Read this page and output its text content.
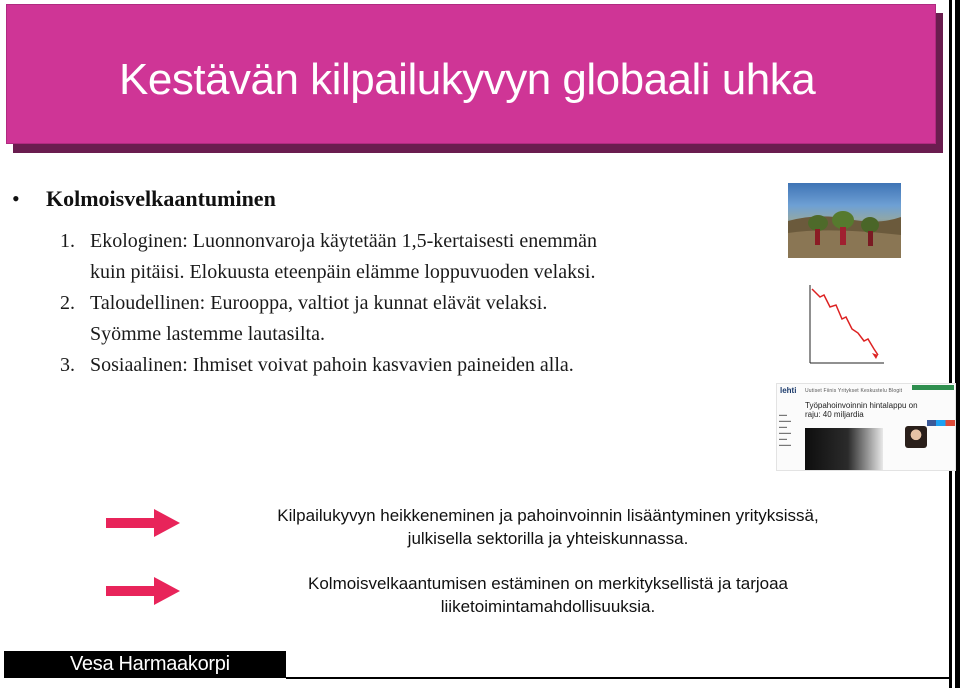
Kestävän kilpailukyvyn globaali uhka
• Kolmoisvelkaantuminen
1. Ekologinen: Luonnonvaroja käytetään 1,5-kertaisesti enemmän
kuin pitäisi. Elokuusta eteenpäin elämme loppuvuoden velaksi.
2. Taloudellinen: Eurooppa, valtiot ja kunnat elävät velaksi.
Syömme lastemme lautasilta.
3. Sosiaalinen: Ihmiset voivat pahoin kasvavien paineiden alla.
lehti Uutiset Fiinis Yritykset Keskustelu Blogit
Työpahoinvoinnin hintalappu on raju: 40 miljardia
▬▬
▬▬▬
▬▬
▬▬▬
▬▬
▬▬▬
Kilpailukyvyn heikkeneminen ja pahoinvoinnin lisääntyminen yrityksissä,
julkisella sektorilla ja yhteiskunnassa.
Kolmoisvelkaantumisen estäminen on merkityksellistä ja tarjoaa
liiketoimintamahdollisuuksia.
Vesa Harmaakorpi
